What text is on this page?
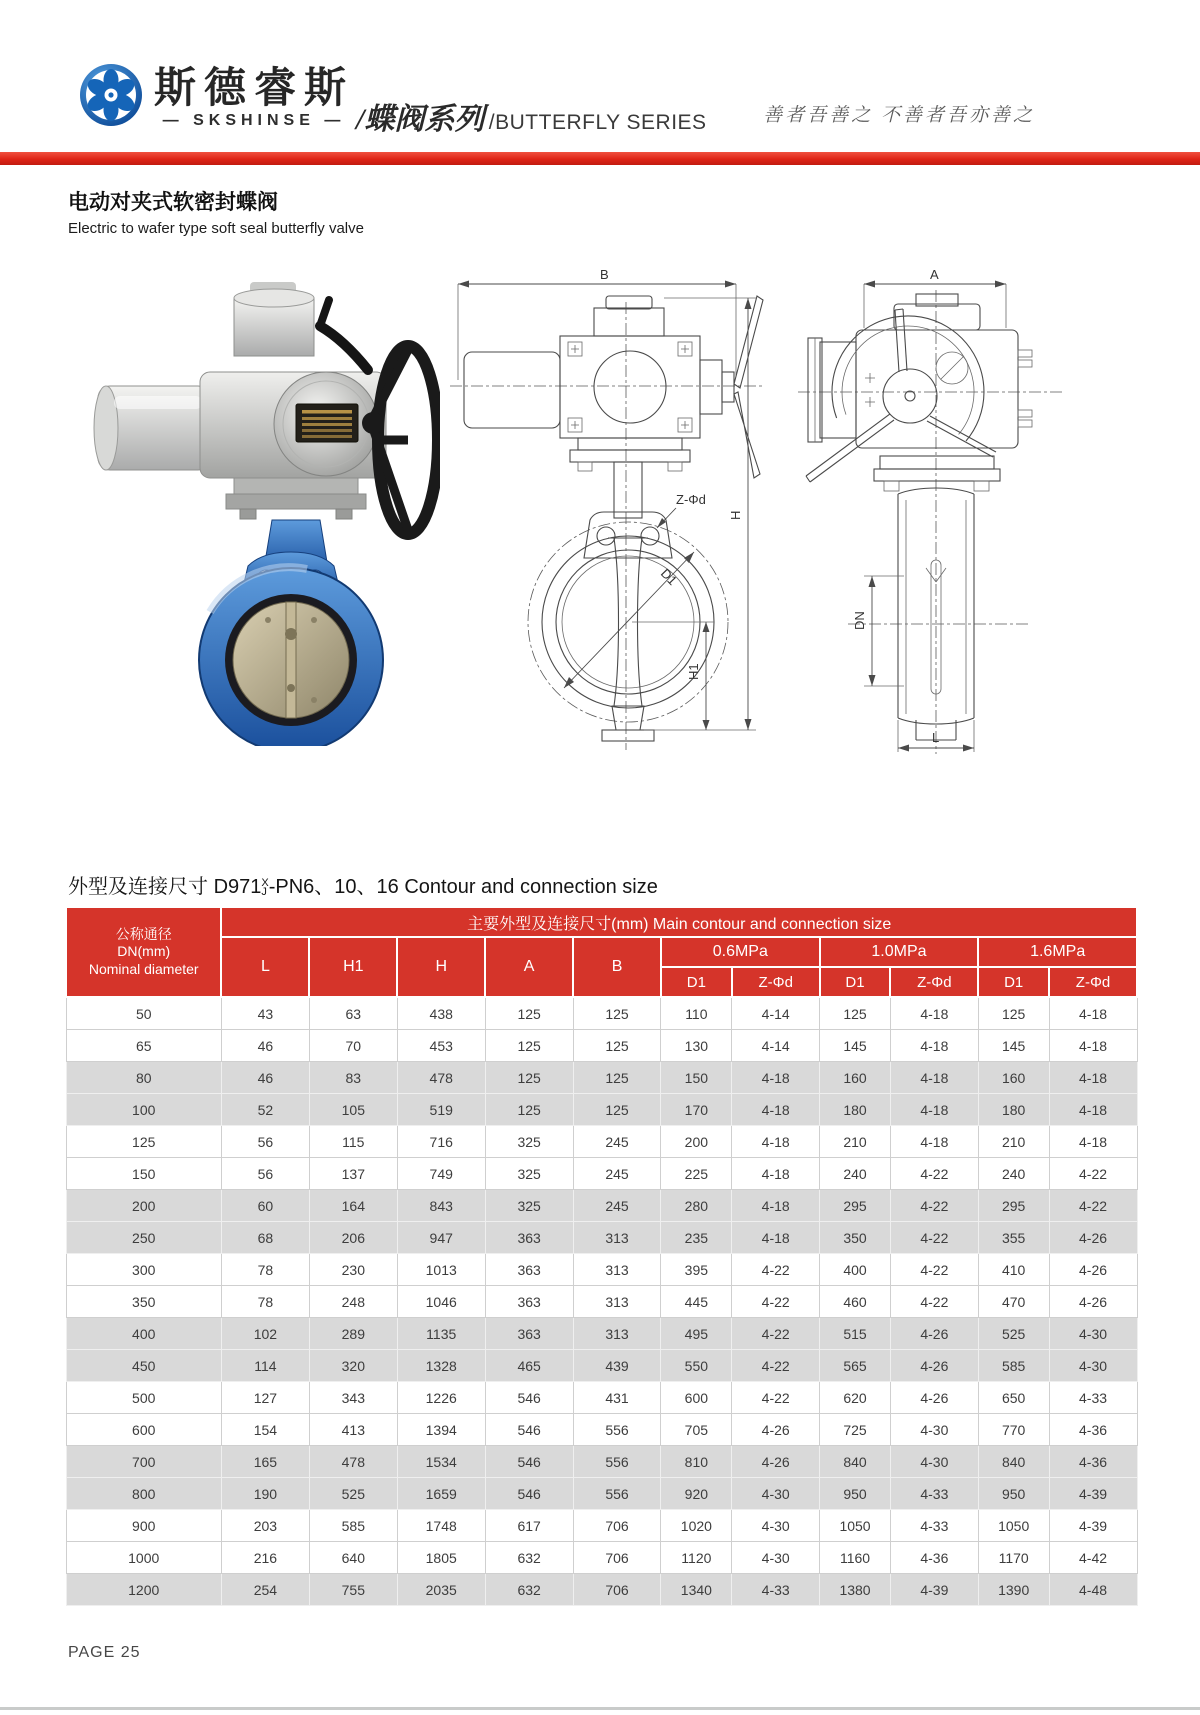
斯德睿斯
— SKSHINSE — /蝶阀系列 /BUTTERFLY SERIES	善者吾善之 不善者吾亦善之
电动对夹式软密封蝶阀
Electric to wafer type soft seal butterfly valve
B
D1
Z-Φd
H1
H
A
DN
L
外型及连接尺寸 D971 X
J -PN6、10、16 Contour and connection size
公称通径
DN(mm)
Nominal diameter	主要外型及连接尺寸(mm) Main contour and connection size										
	L	H1	H	A	B	0.6MPa		1.0MPa		1.6MPa	
						D1	Z-Φd	D1	Z-Φd	D1	Z-Φd
50	43	63	438	125	125	110	4-14	125	4-18	125	4-18
65	46	70	453	125	125	130	4-14	145	4-18	145	4-18
80	46	83	478	125	125	150	4-18	160	4-18	160	4-18
100	52	105	519	125	125	170	4-18	180	4-18	180	4-18
125	56	115	716	325	245	200	4-18	210	4-18	210	4-18
150	56	137	749	325	245	225	4-18	240	4-22	240	4-22
200	60	164	843	325	245	280	4-18	295	4-22	295	4-22
250	68	206	947	363	313	235	4-18	350	4-22	355	4-26
300	78	230	1013	363	313	395	4-22	400	4-22	410	4-26
350	78	248	1046	363	313	445	4-22	460	4-22	470	4-26
400	102	289	1135	363	313	495	4-22	515	4-26	525	4-30
450	114	320	1328	465	439	550	4-22	565	4-26	585	4-30
500	127	343	1226	546	431	600	4-22	620	4-26	650	4-33
600	154	413	1394	546	556	705	4-26	725	4-30	770	4-36
700	165	478	1534	546	556	810	4-26	840	4-30	840	4-36
800	190	525	1659	546	556	920	4-30	950	4-33	950	4-39
900	203	585	1748	617	706	1020	4-30	1050	4-33	1050	4-39
1000	216	640	1805	632	706	1120	4-30	1160	4-36	1170	4-42
1200	254	755	2035	632	706	1340	4-33	1380	4-39	1390	4-48
PAGE 25
